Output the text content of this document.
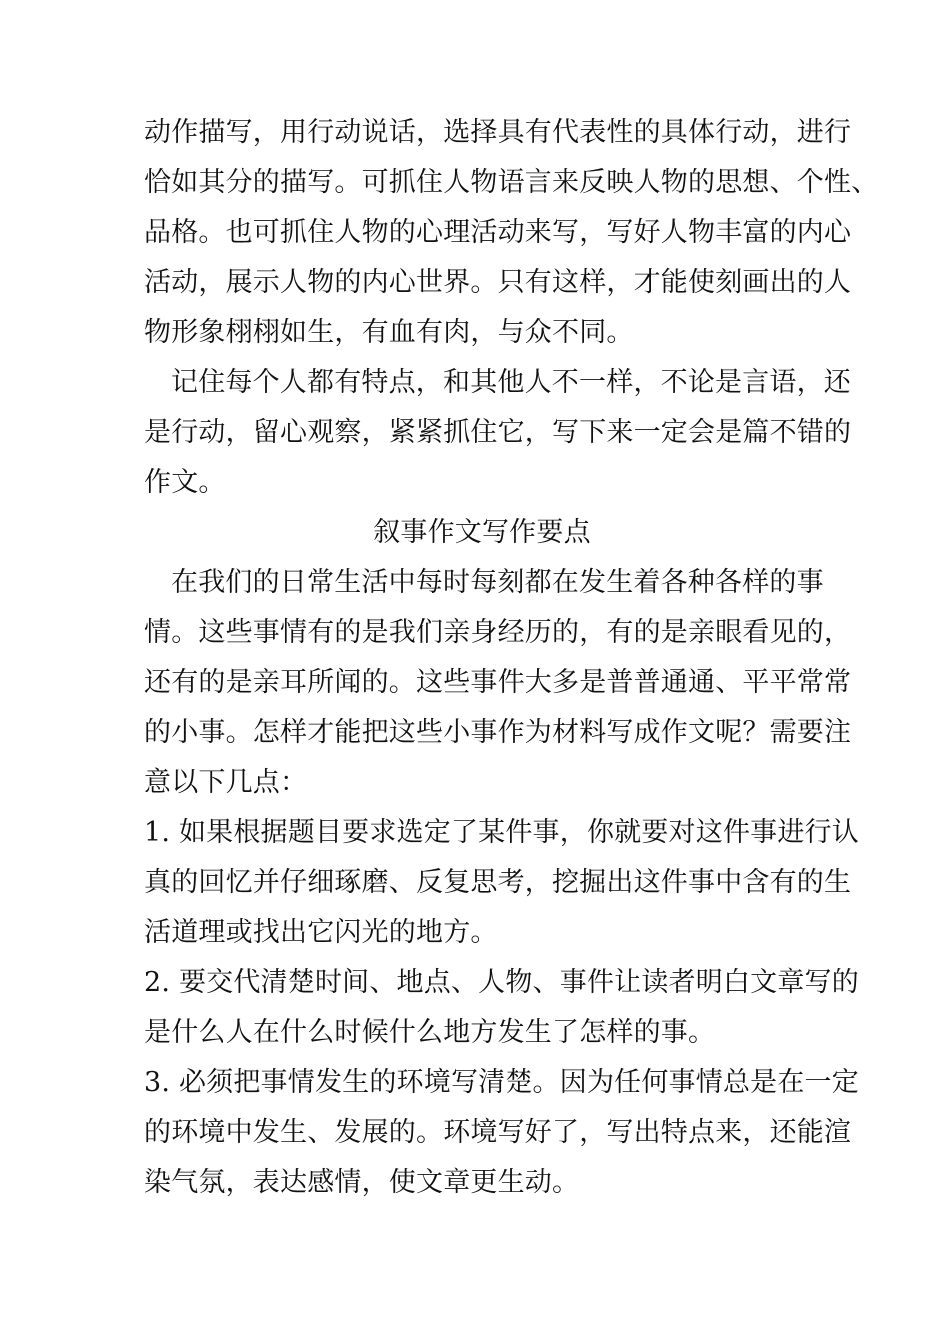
动作描写，用行动说话，选择具有代表性的具体行动，进行

恰如其分的描写。可抓住人物语言来反映人物的思想、个性、

品格。也可抓住人物的心理活动来写，写好人物丰富的内心

活动，展示人物的内心世界。只有这样，才能使刻画出的人

物形象栩栩如生，有血有肉，与众不同。

记住每个人都有特点，和其他人不一样，不论是言语，还

是行动，留心观察，紧紧抓住它，写下来一定会是篇不错的

作文。

叙事作文写作要点

在我们的日常生活中每时每刻都在发生着各种各样的事

情。这些事情有的是我们亲身经历的，有的是亲眼看见的，

还有的是亲耳所闻的。这些事件大多是普普通通、平平常常

的小事。怎样才能把这些小事作为材料写成作文呢？需要注

意以下几点：

1. 如果根据题目要求选定了某件事，你就要对这件事进行认

真的回忆并仔细琢磨、反复思考，挖掘出这件事中含有的生

活道理或找出它闪光的地方。

2. 要交代清楚时间、地点、人物、事件让读者明白文章写的

是什么人在什么时候什么地方发生了怎样的事。

3. 必须把事情发生的环境写清楚。因为任何事情总是在一定

的环境中发生、发展的。环境写好了，写出特点来，还能渲

染气氛，表达感情，使文章更生动。
